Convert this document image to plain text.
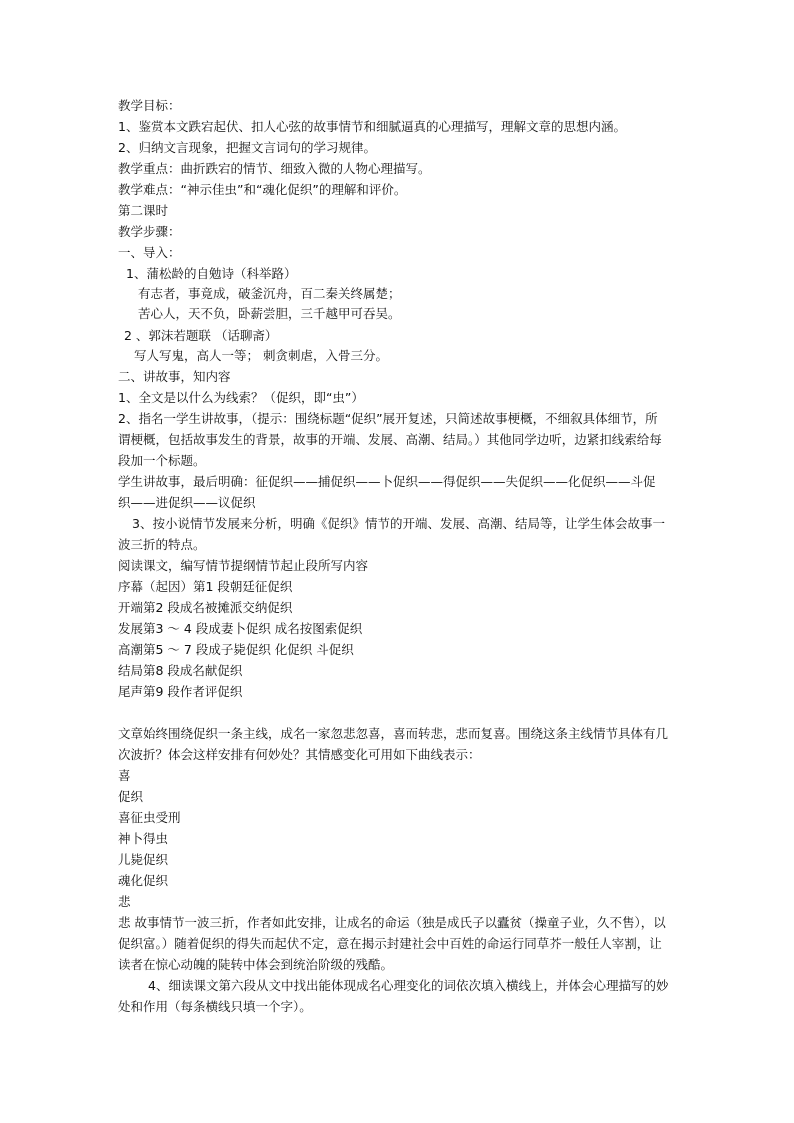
教学目标：
1、鉴赏本文跌宕起伏、扣人心弦的故事情节和细腻逼真的心理描写，理解文章的思想内涵。
2、归纳文言现象，把握文言词句的学习规律。
教学重点：曲折跌宕的情节、细致入微的人物心理描写。
教学难点：“神示佳虫”和“魂化促织”的理解和评价。
第二课时
教学步骤：
一、导入：
1、蒲松龄的自勉诗（科举路）
有志者，事竟成，破釜沉舟，百二秦关终属楚；
苦心人，天不负，卧薪尝胆，三千越甲可吞吴。
2 、郭沫若题联 （话聊斋）
写人写鬼，高人一等； 刺贪刺虐，入骨三分。
二、讲故事，知内容
1、全文是以什么为线索？（促织，即“虫”）
2、指名一学生讲故事，（提示：围绕标题“促织”展开复述，只简述故事梗概，不细叙具体细节，所
谓梗概，包括故事发生的背景，故事的开端、发展、高潮、结局。）其他同学边听，边紧扣线索给每
段加一个标题。
学生讲故事，最后明确：征促织——捕促织——卜促织——得促织——失促织——化促织——斗促
织——进促织——议促织
3、按小说情节发展来分析，明确《促织》情节的开端、发展、高潮、结局等，让学生体会故事一
波三折的特点。
阅读课文，编写情节提纲情节起止段所写内容
序幕（起因）第1 段朝廷征促织
开端第2 段成名被摊派交纳促织
发展第3 ～ 4 段成妻卜促织 成名按图索促织
高潮第5 ～ 7 段成子毙促织 化促织 斗促织
结局第8 段成名献促织
尾声第9 段作者评促织
文章始终围绕促织一条主线，成名一家忽悲忽喜，喜而转悲，悲而复喜。围绕这条主线情节具体有几
次波折？体会这样安排有何妙处？其情感变化可用如下曲线表示：
喜
促织
喜征虫受刑
神卜得虫
儿毙促织
魂化促织
悲
悲 故事情节一波三折，作者如此安排，让成名的命运（独是成氏子以蠹贫（操童子业，久不售），以
促织富。）随着促织的得失而起伏不定，意在揭示封建社会中百姓的命运行同草芥一般任人宰割，让
读者在惊心动魄的陡转中体会到统治阶级的残酷。
4、细读课文第六段从文中找出能体现成名心理变化的词依次填入横线上，并体会心理描写的妙
处和作用（每条横线只填一个字）。
